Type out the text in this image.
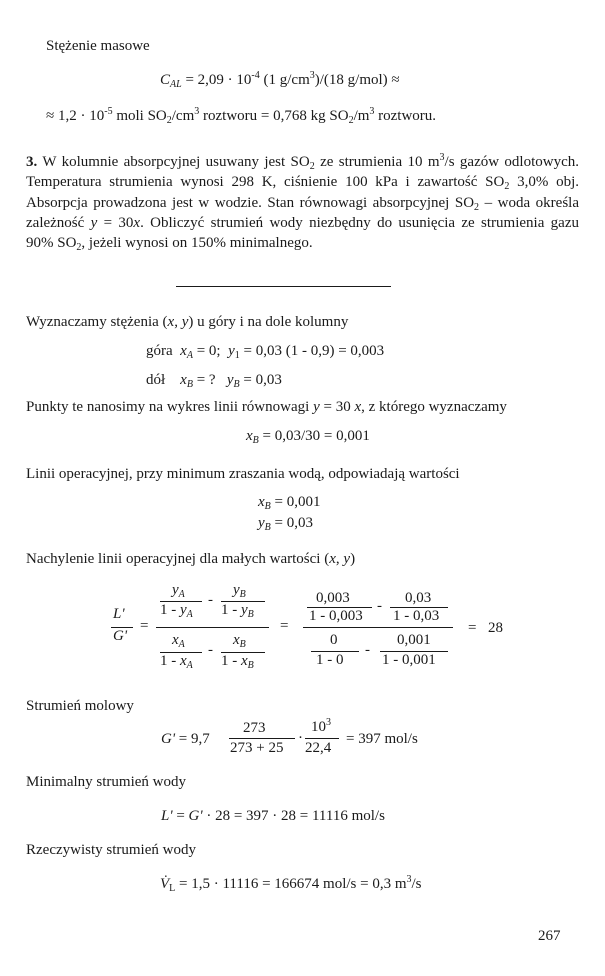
Stężenie masowe
$C_{AL} = 2,09 \cdot 10^{-4}$ (1 $g/cm^3)/(18$ g/mol) ≈
≈ $1,2 \cdot 10^{-5}$ moli $SO_2/cm^3$ roztworu = 0,768 kg $SO_2/m^3$ roztworu.
3. W kolumnie absorpcyjnej usuwany jest $SO_2$ ze strumienia 10 $m^3/s$ gazów odlotowych. Temperatura strumienia wynosi 298 K, ciśnienie 100 kPa i zawartość $SO_2$ 3,0% obj. Absorpcja prowadzona jest w wodzie. Stan równowagi absorpcyjnej $SO_2$ – woda określa zależność y = 30x. Obliczyć strumień wody niezbędny do usunięcia ze strumienia gazu 90% $SO_2$, jeżeli wynosi on 150% minimalnego.
Wyznaczamy stężenia (x, y) u góry i na dole kolumny
góra  $x_A = 0$;  $y_1 = 0,03$ (1 - 0,9) = 0,003
dół    $x_B$ = ?   $y_B = 0,03$
Punkty te nanosimy na wykres linii równowagi y = 30 x, z którego wyznaczamy
$x_B = 0,03/30 = 0,001$
Linii operacyjnej, przy minimum zraszania wodą, odpowiadają wartości
$x_B = 0,001$
$y_B = 0,03$
Nachylenie linii operacyjnej dla małych wartości (x, y)
L'
G'
=
$y_A$
$1 - y_A$
-
$y_B$
$1 - y_B$
$x_A$
$1 - x_A$
-
$x_B$
$1 - x_B$
=
0,003
1 - 0,003
- 0,03
1 - 0,03
0
1 - 0
-
0,001
1 - 0,001
= 28
Strumień molowy
G' = 9,7
273
273 + 25
·
$10^3$
22,4
= 397 mol/s
Minimalny strumień wody
L' = G' · 28 = 397 · 28 = 11116 mol/s
Rzeczywisty strumień wody
$V̇_L = 1,5 \cdot 11116 = 166674$ mol/s = 0,3 $m^3/s$
267
